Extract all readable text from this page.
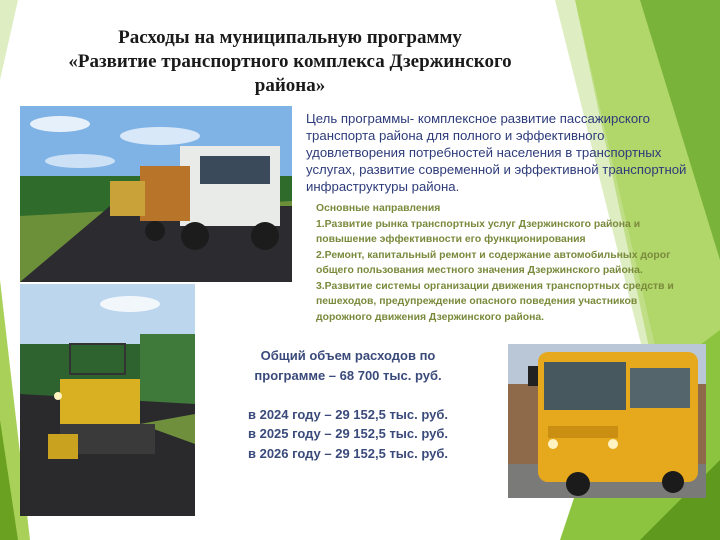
Расходы на муниципальную программу
«Развитие транспортного комплекса Дзержинского
района»
Цель программы- комплексное развитие пассажирского транспорта района для полного и эффективного удовлетворения потребностей населения в транспортных услугах, развитие современной и эффективной транспортной инфраструктуры района.
Основные направления
1.Развитие рынка транспортных услуг Дзержинского района и
повышение эффективности его функционирования
2.Ремонт, капитальный ремонт и содержание автомобильных дорог
общего пользования местного значения Дзержинского района.
3.Развитие системы организации движения транспортных средств и
пешеходов, предупреждение опасного поведения участников
дорожного движения Дзержинского района.
Общий объем расходов по
программе – 68 700 тыс. руб.
в 2024 году – 29 152,5 тыс. руб.
в 2025 году – 29 152,5 тыс. руб.
в 2026 году – 29 152,5 тыс. руб.
